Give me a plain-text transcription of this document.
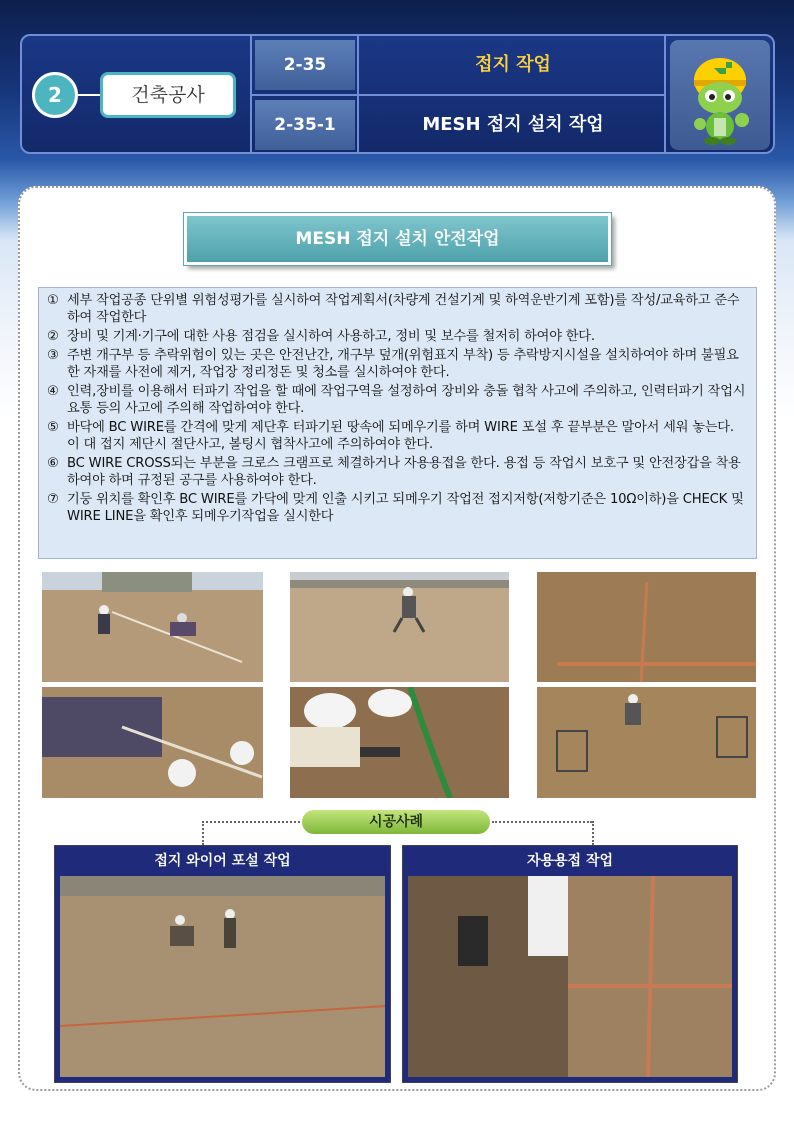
2	건축공사
2-35
2-35-1
접지 작업
MESH 접지 설치 작업
MESH 접지 설치 안전작업
① 세부 작업공종 단위별 위험성평가를 실시하여 작업계획서(차량계 건설기계 및 하역운반기계 포함)를 작성/교육하고 준수하여 작업한다
② 장비 및 기계·기구에 대한 사용 점검을 실시하여 사용하고, 정비 및 보수를 철저히 하여야 한다.
③ 주변 개구부 등 추락위험이 있는 곳은 안전난간, 개구부 덮개(위험표지 부착) 등 추락방지시설을 설치하여야 하며 불필요한 자재를 사전에 제거, 작업장 정리정돈 및 청소를 실시하여야 한다.
④ 인력,장비를 이용해서 터파기 작업을 할 때에 작업구역을 설정하여 장비와 충돌 협착 사고에 주의하고, 인력터파기 작업시 요통 등의 사고에 주의해 작업하여야 한다.
⑤ 바닥에 BC WIRE를 간격에 맞게 제단후 터파기된 땅속에 되메우기를 하며 WIRE 포설 후 끝부분은 말아서 세워 놓는다. 이 대 접지 제단시 절단사고, 볼팅시 협착사고에 주의하여야 한다.
⑥ BC WIRE CROSS되는 부분을 크로스 크램프로 체결하거나 자용용접을 한다. 용접 등 작업시 보호구 및 안전장갑을 착용하여야 하며 규정된 공구를 사용하여야 한다.
⑦ 기둥 위치를 확인후 BC WIRE를 가닥에 맞게 인출 시키고 되메우기 작업전 접지저항(저항기준은 10Ω이하)을 CHECK 및 WIRE LINE을 확인후 되메우기작업을 실시한다
시공사례
접지 와이어 포설 작업	자용용접 작업
